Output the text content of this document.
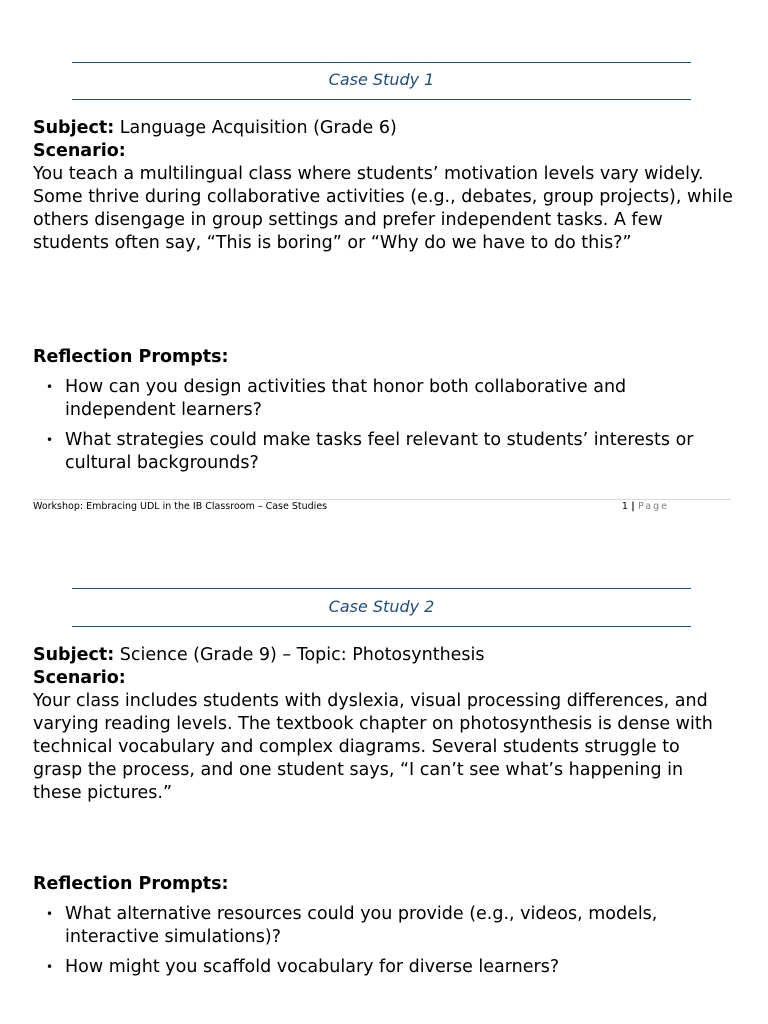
Case Study 1
Subject: Language Acquisition (Grade 6)
Scenario:

You teach a multilingual class where students’ motivation levels vary widely. Some thrive during collaborative activities (e.g., debates, group projects), while others disengage in group settings and prefer independent tasks. A few students often say, “This is boring” or “Why do we have to do this?”

Reflection Prompts:
• How can you design activities that honor both collaborative and independent learners?
• What strategies could make tasks feel relevant to students’ interests or cultural backgrounds?
Workshop: Embracing UDL in the IB Classroom – Case Studies	1 | Page
Case Study 2
Subject: Science (Grade 9) – Topic: Photosynthesis
Scenario:

Your class includes students with dyslexia, visual processing differences, and varying reading levels. The textbook chapter on photosynthesis is dense with technical vocabulary and complex diagrams. Several students struggle to grasp the process, and one student says, “I can’t see what’s happening in these pictures.”

Reflection Prompts:
• What alternative resources could you provide (e.g., videos, models, interactive simulations)?
• How might you scaffold vocabulary for diverse learners?
